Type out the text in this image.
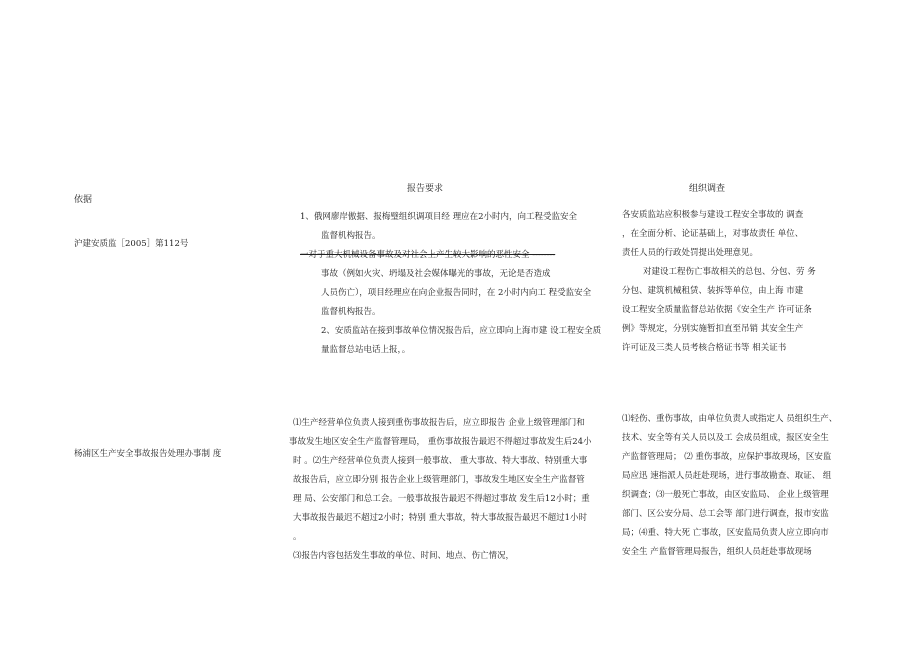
依据
报告要求	组织调查
沪建安质监［2005］第112号
1、俄网廖岸傲据、报梅璧组织调项目经 理应在2小时内，向工程受监安全
监督机构报告。
一对于重大机械设备事故及对社会上产生较大影响的恶性安全 --------
事故（例如火灾、坍塌及社会媒体曝光的事故，无论是否造成
人员伤亡），项目经理应在向企业报告同时，在 2小时内向工 程受监安全
监督机构报告。
2、安质监站在接到事故单位情况报告后，应立即向上海市建 设工程安全质
量监督总站电话上报，。
各安质监站应积极参与建设工程安全事故的 调查
，在全面分析、论证基础上，对事故责任 单位、
责任人员的行政处罚提出处理意见。
对建设工程伤亡事故相关的总包、分包、劳 务
分包、建筑机械租赁、装拆等单位，由上海 市建
设工程安全质量监督总站依据《安全生产 许可证条
例》等规定，分别实施暂扣直至吊销 其安全生产
许可证及三类人员考核合格证书等 相关证书
杨浦区生产安全事故报告处理办事制 度
⑴生产经营单位负责人接到重伤事故报告后，应立即报告 企业上级管理部门和
事故发生地区安全生产监督管理局， 重伤事故报告最迟不得超过事故发生后24小
时 。⑵生产经营单位负责人接到一般事故、 重大事故、特大事故、特别重大事
故报告后，应立即分别 报告企业上级管理部门，事故发生地区安全生产监督管
理 局、公安部门和总工会。一般事故报告最迟不得超过事故 发生后12小时；重
大事故报告最迟不超过2小时；特别 重大事故，特大事故报告最迟不超过1小时
。
⑶报告内容包括发生事故的单位、时间、地点、伤亡情况，
⑴轻伤、重伤事故，由单位负责人或指定人 员组织生产、
技术、安全等有关人员以及工 会成员组成，报区安全生
产监督管理局； ⑵ 重伤事故，应保护事故现场，区安监
局应迅 速指派人员赶赴现场，进行事故勘查、取证、 组
织调查；⑶一般死亡事故，由区安监局、 企业上级管理
部门、区公安分局、总工会等 部门进行调查，报市安监
局；⑷重、特大死 亡事故，区安监局负责人应立即向市
安全生 产监督管理局报告，组织人员赶赴事故现场
